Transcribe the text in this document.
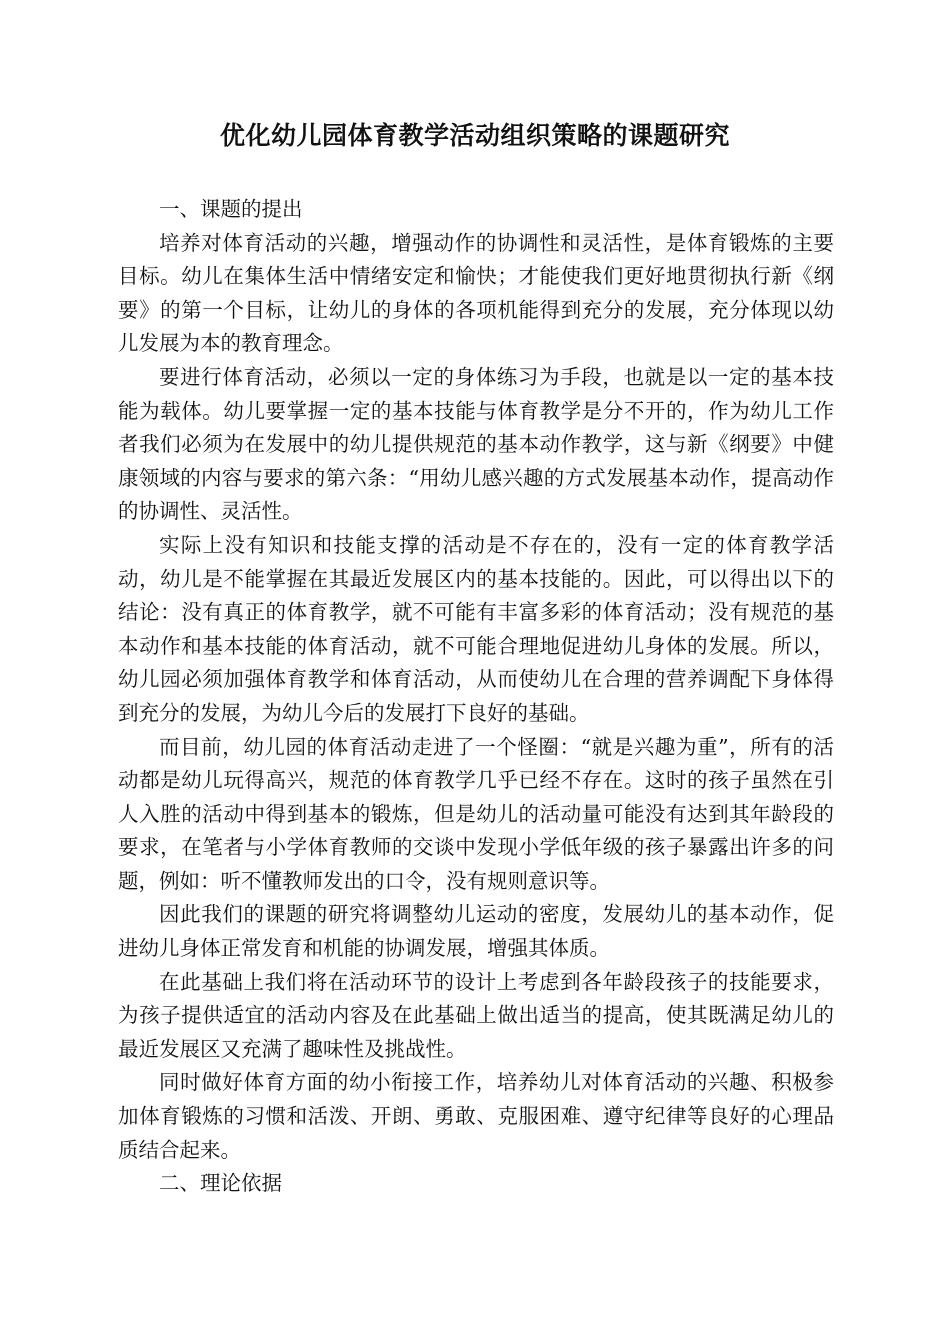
优化幼儿园体育教学活动组织策略的课题研究

一、课题的提出

培养对体育活动的兴趣，增强动作的协调性和灵活性，是体育锻炼的主要目标。幼儿在集体生活中情绪安定和愉快；才能使我们更好地贯彻执行新《纲要》的第一个目标，让幼儿的身体的各项机能得到充分的发展，充分体现以幼儿发展为本的教育理念。

要进行体育活动，必须以一定的身体练习为手段，也就是以一定的基本技能为载体。幼儿要掌握一定的基本技能与体育教学是分不开的，作为幼儿工作者我们必须为在发展中的幼儿提供规范的基本动作教学，这与新《纲要》中健康领域的内容与要求的第六条：“用幼儿感兴趣的方式发展基本动作，提高动作的协调性、灵活性。

实际上没有知识和技能支撑的活动是不存在的，没有一定的体育教学活动，幼儿是不能掌握在其最近发展区内的基本技能的。因此，可以得出以下的结论：没有真正的体育教学，就不可能有丰富多彩的体育活动；没有规范的基本动作和基本技能的体育活动，就不可能合理地促进幼儿身体的发展。所以，幼儿园必须加强体育教学和体育活动，从而使幼儿在合理的营养调配下身体得到充分的发展，为幼儿今后的发展打下良好的基础。

而目前，幼儿园的体育活动走进了一个怪圈：“就是兴趣为重”，所有的活动都是幼儿玩得高兴，规范的体育教学几乎已经不存在。这时的孩子虽然在引人入胜的活动中得到基本的锻炼，但是幼儿的活动量可能没有达到其年龄段的要求，在笔者与小学体育教师的交谈中发现小学低年级的孩子暴露出许多的问题，例如：听不懂教师发出的口令，没有规则意识等。

因此我们的课题的研究将调整幼儿运动的密度，发展幼儿的基本动作，促进幼儿身体正常发育和机能的协调发展，增强其体质。

在此基础上我们将在活动环节的设计上考虑到各年龄段孩子的技能要求，为孩子提供适宜的活动内容及在此基础上做出适当的提高，使其既满足幼儿的最近发展区又充满了趣味性及挑战性。

同时做好体育方面的幼小衔接工作，培养幼儿对体育活动的兴趣、积极参加体育锻炼的习惯和活泼、开朗、勇敢、克服困难、遵守纪律等良好的心理品质结合起来。

二、理论依据
